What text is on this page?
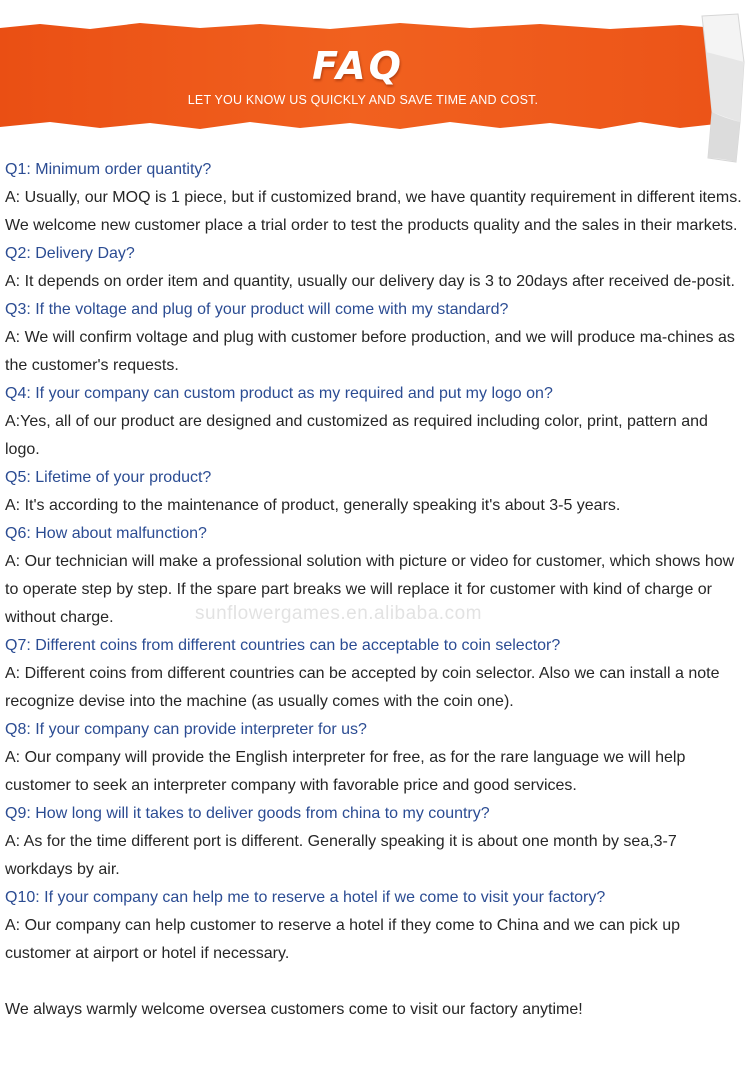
FAQ
LET YOU KNOW US QUICKLY AND SAVE TIME AND COST.

Q1: Minimum order quantity?

A: Usually, our MOQ is 1 piece, but if customized brand, we have quantity requirement in different items. We welcome new customer place a trial order to test the products quality and the sales in their markets.

Q2: Delivery Day?

A: It depends on order item and quantity, usually our delivery day is 3 to 20days after received de-posit.

Q3: If the voltage and plug of your product will come with my standard?

A: We will confirm voltage and plug with customer before production, and we will produce ma-chines as the customer's requests.

Q4: If your company can custom product as my required and put my logo on?

A:Yes, all of our product are designed and customized as required including color, print, pattern and logo.

Q5: Lifetime of your product?

A: It's according to the maintenance of product, generally speaking it's about 3-5 years.

Q6: How about malfunction?

A: Our technician will make a professional solution with picture or video for customer, which shows how to operate step by step. If the spare part breaks we will replace it for customer with kind of charge or without charge.

Q7: Different coins from different countries can be acceptable to coin selector?

A: Different coins from different countries can be accepted by coin selector. Also we can install a note recognize devise into the machine (as usually comes with the coin one).

Q8: If your company can provide interpreter for us?

A: Our company will provide the English interpreter for free, as for the rare language we will help customer to seek an interpreter company with favorable price and good services.

Q9: How long will it takes to deliver goods from china to my country?

A: As for the time different port is different. Generally speaking it is about one month by sea,3-7 workdays by air.

Q10: If your company can help me to reserve a hotel if we come to visit your factory?

A: Our company can help customer to reserve a hotel if they come to China and we can pick up customer at airport or hotel if necessary.

We always warmly welcome oversea customers come to visit our factory anytime!

sunflowergames.en.alibaba.com
